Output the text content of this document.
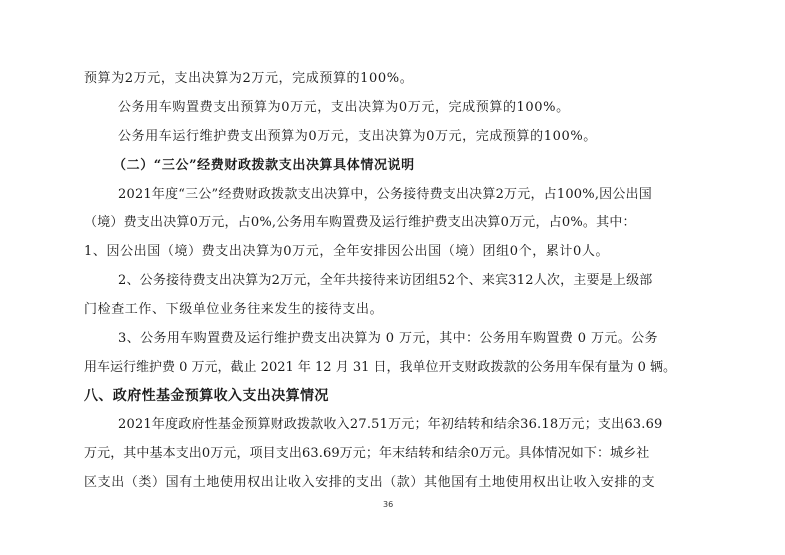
预算为2万元，支出决算为2万元，完成预算的100%。
公务用车购置费支出预算为0万元，支出决算为0万元，完成预算的100%。
公务用车运行维护费支出预算为0万元，支出决算为0万元，完成预算的100%。
（二）“三公”经费财政拨款支出决算具体情况说明
2021年度“三公”经费财政拨款支出决算中，公务接待费支出决算2万元，占100%,因公出国
（境）费支出决算0万元，占0%,公务用车购置费及运行维护费支出决算0万元，占0%。其中：
1、因公出国（境）费支出决算为0万元，全年安排因公出国（境）团组0个，累计0人。
2、公务接待费支出决算为2万元，全年共接待来访团组52个、来宾312人次，主要是上级部
门检查工作、下级单位业务往来发生的接待支出。
3、公务用车购置费及运行维护费支出决算为 0 万元，其中：公务用车购置费 0 万元。公务
用车运行维护费 0 万元，截止 2021 年 12 月 31 日，我单位开支财政拨款的公务用车保有量为 0 辆。
八、政府性基金预算收入支出决算情况
2021年度政府性基金预算财政拨款收入27.51万元；年初结转和结余36.18万元；支出63.69
万元，其中基本支出0万元，项目支出63.69万元；年末结转和结余0万元。具体情况如下：城乡社
区支出（类）国有土地使用权出让收入安排的支出（款）其他国有土地使用权出让收入安排的支
36
